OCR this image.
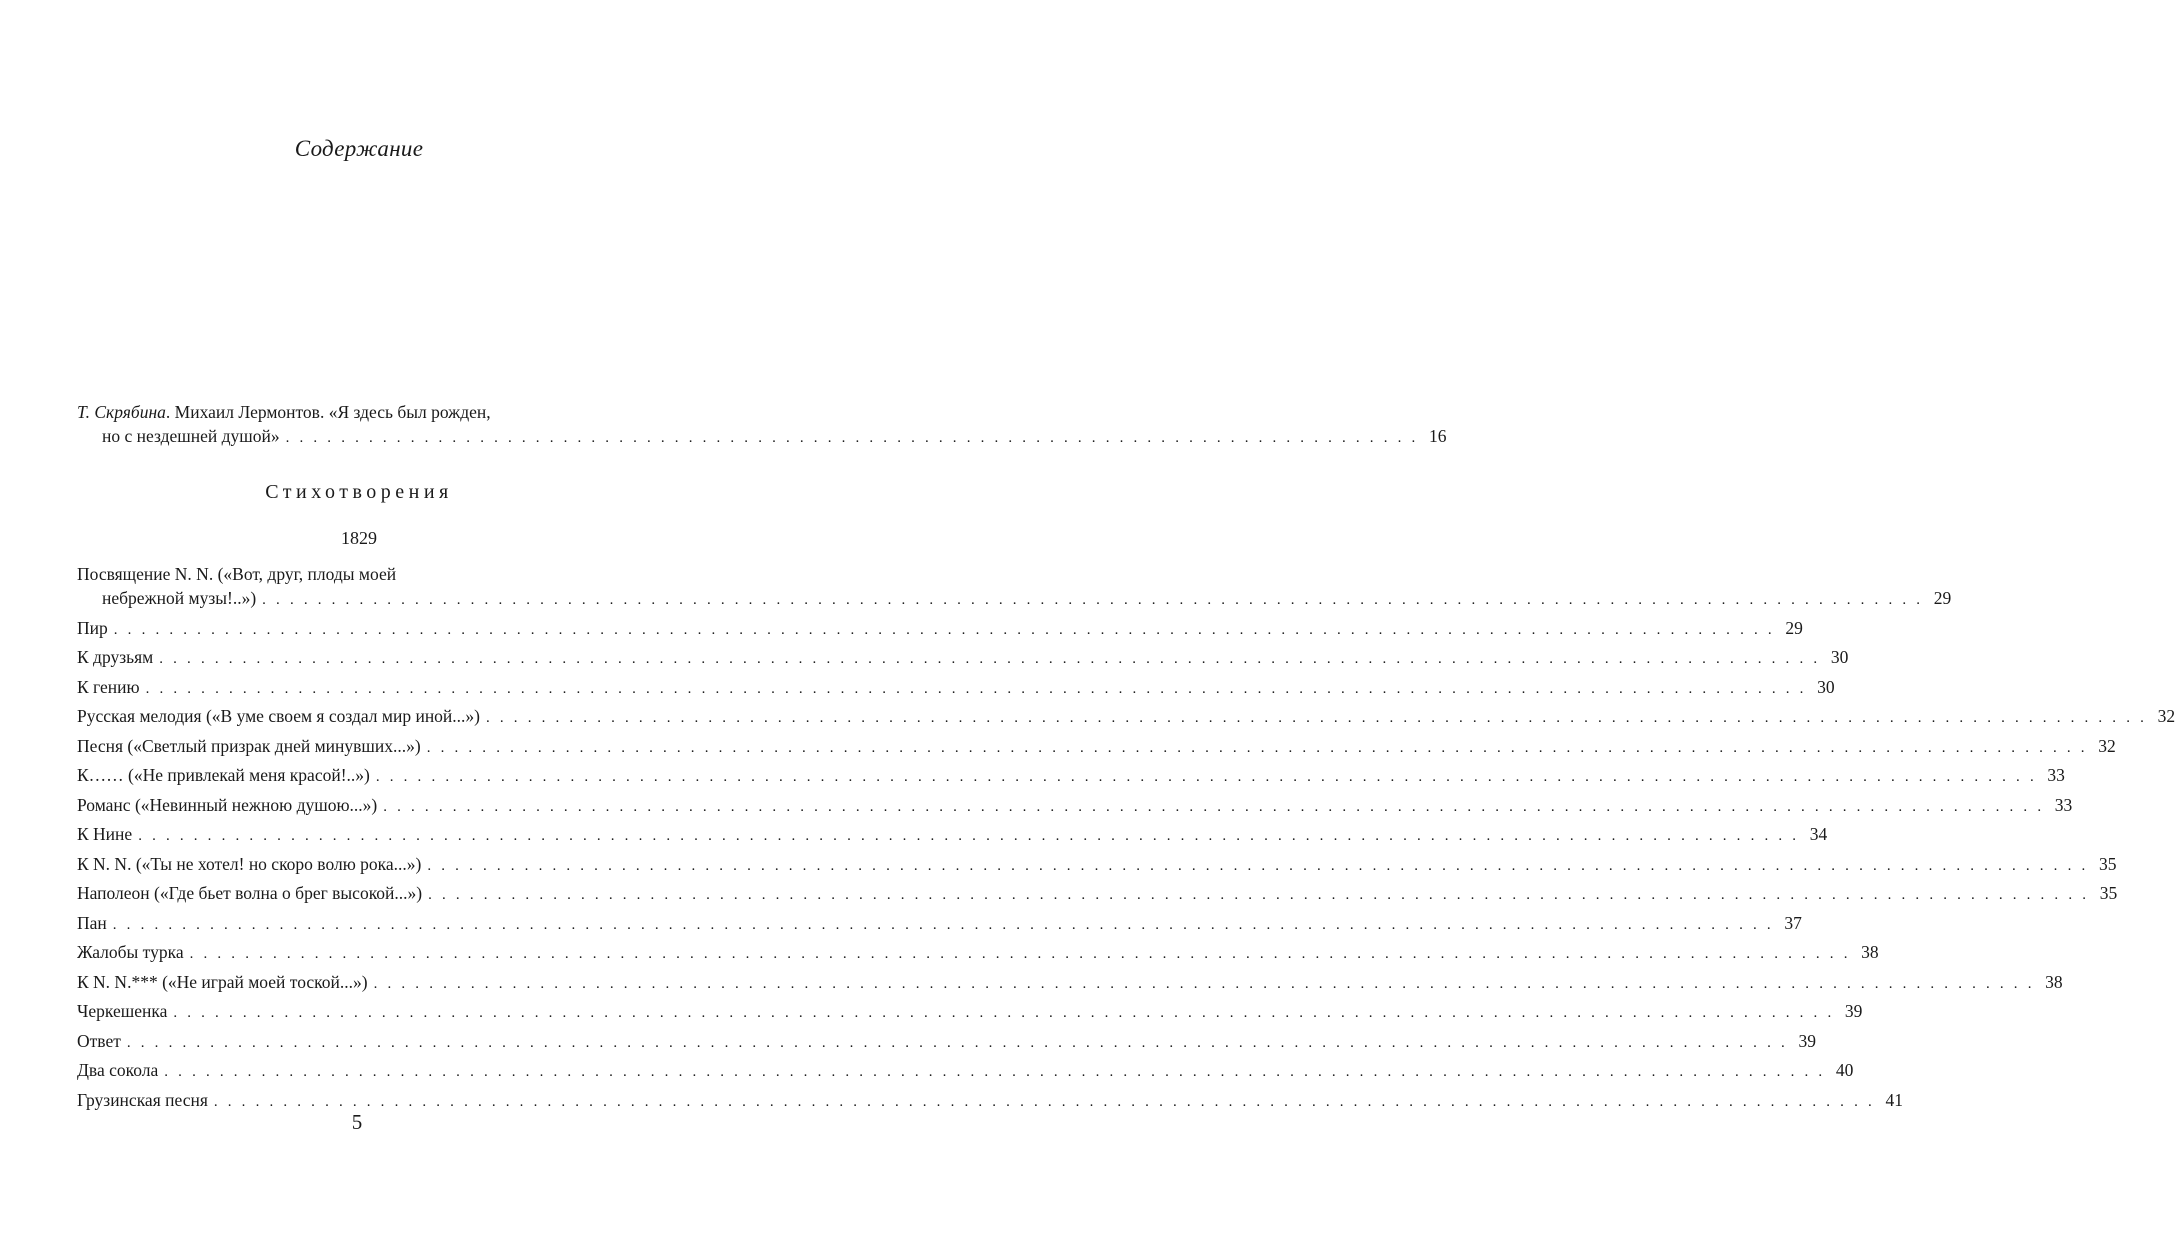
Содержание
Т. Скрябина. Михаил Лермонтов. «Я здесь был рожден,
но с нездешней душой» . . . . . . . . . . . . . . . . . . . . . . . . . . . . . . . . . . . . . . . . . . . . . . . . . . . . . . . . . . . . . . . . . . . . . . . . . . . . . . . . . . 16
Стихотворения
1829
Посвящение N. N. («Вот, друг, плоды моей
небрежной музы!..») . . . . . . . . . . . . . . . . . . . . . . . . . . . . . . . . . . . . . . . . . . . . . . . . . . . . . . . . . . . . . . . . . . . . . . . . . . . . . . . . . . . . . . . . . . . . . . . . . . . . . . . . . . . . . . . . . . . . . . . . 29
Пир . . . . . . . . . . . . . . . . . . . . . . . . . . . . . . . . . . . . . . . . . . . . . . . . . . . . . . . . . . . . . . . . . . . . . . . . . . . . . . . . . . . . . . . . . . . . . . . . . . . . . . . . . . . . . . . . . . . . . . . . 29
К друзьям . . . . . . . . . . . . . . . . . . . . . . . . . . . . . . . . . . . . . . . . . . . . . . . . . . . . . . . . . . . . . . . . . . . . . . . . . . . . . . . . . . . . . . . . . . . . . . . . . . . . . . . . . . . . . . . . . . . . . . . . 30
К гению . . . . . . . . . . . . . . . . . . . . . . . . . . . . . . . . . . . . . . . . . . . . . . . . . . . . . . . . . . . . . . . . . . . . . . . . . . . . . . . . . . . . . . . . . . . . . . . . . . . . . . . . . . . . . . . . . . . . . . . . 30
Русская мелодия («В уме своем я создал мир иной...») . . . . . . . . . . . . . . . . . . . . . . . . . . . . . . . . . . . . . . . . . . . . . . . . . . . . . . . . . . . . . . . . . . . . . . . . . . . . . . . . . . . . . . . . . . . . . . . . . . . . . . . . . . . . . . . . . . . . . . . . 32
Песня («Светлый призрак дней минувших...») . . . . . . . . . . . . . . . . . . . . . . . . . . . . . . . . . . . . . . . . . . . . . . . . . . . . . . . . . . . . . . . . . . . . . . . . . . . . . . . . . . . . . . . . . . . . . . . . . . . . . . . . . . . . . . . . . . . . . . . . 32
К…… («Не привлекай меня красой!..») . . . . . . . . . . . . . . . . . . . . . . . . . . . . . . . . . . . . . . . . . . . . . . . . . . . . . . . . . . . . . . . . . . . . . . . . . . . . . . . . . . . . . . . . . . . . . . . . . . . . . . . . . . . . . . . . . . . . . . . . 33
Романс («Невинный нежною душою...») . . . . . . . . . . . . . . . . . . . . . . . . . . . . . . . . . . . . . . . . . . . . . . . . . . . . . . . . . . . . . . . . . . . . . . . . . . . . . . . . . . . . . . . . . . . . . . . . . . . . . . . . . . . . . . . . . . . . . . . . 33
К Нине . . . . . . . . . . . . . . . . . . . . . . . . . . . . . . . . . . . . . . . . . . . . . . . . . . . . . . . . . . . . . . . . . . . . . . . . . . . . . . . . . . . . . . . . . . . . . . . . . . . . . . . . . . . . . . . . . . . . . . . . 34
К N. N. («Ты не хотел! но скоро волю рока...») . . . . . . . . . . . . . . . . . . . . . . . . . . . . . . . . . . . . . . . . . . . . . . . . . . . . . . . . . . . . . . . . . . . . . . . . . . . . . . . . . . . . . . . . . . . . . . . . . . . . . . . . . . . . . . . . . . . . . . . . 35
Наполеон («Где бьет волна о брег высокой...») . . . . . . . . . . . . . . . . . . . . . . . . . . . . . . . . . . . . . . . . . . . . . . . . . . . . . . . . . . . . . . . . . . . . . . . . . . . . . . . . . . . . . . . . . . . . . . . . . . . . . . . . . . . . . . . . . . . . . . . . 35
Пан . . . . . . . . . . . . . . . . . . . . . . . . . . . . . . . . . . . . . . . . . . . . . . . . . . . . . . . . . . . . . . . . . . . . . . . . . . . . . . . . . . . . . . . . . . . . . . . . . . . . . . . . . . . . . . . . . . . . . . . . 37
Жалобы турка . . . . . . . . . . . . . . . . . . . . . . . . . . . . . . . . . . . . . . . . . . . . . . . . . . . . . . . . . . . . . . . . . . . . . . . . . . . . . . . . . . . . . . . . . . . . . . . . . . . . . . . . . . . . . . . . . . . . . . . . 38
К N. N.*** («Не играй моей тоской...») . . . . . . . . . . . . . . . . . . . . . . . . . . . . . . . . . . . . . . . . . . . . . . . . . . . . . . . . . . . . . . . . . . . . . . . . . . . . . . . . . . . . . . . . . . . . . . . . . . . . . . . . . . . . . . . . . . . . . . . . 38
Черкешенка . . . . . . . . . . . . . . . . . . . . . . . . . . . . . . . . . . . . . . . . . . . . . . . . . . . . . . . . . . . . . . . . . . . . . . . . . . . . . . . . . . . . . . . . . . . . . . . . . . . . . . . . . . . . . . . . . . . . . . . . 39
Ответ . . . . . . . . . . . . . . . . . . . . . . . . . . . . . . . . . . . . . . . . . . . . . . . . . . . . . . . . . . . . . . . . . . . . . . . . . . . . . . . . . . . . . . . . . . . . . . . . . . . . . . . . . . . . . . . . . . . . . . . . 39
Два сокола . . . . . . . . . . . . . . . . . . . . . . . . . . . . . . . . . . . . . . . . . . . . . . . . . . . . . . . . . . . . . . . . . . . . . . . . . . . . . . . . . . . . . . . . . . . . . . . . . . . . . . . . . . . . . . . . . . . . . . . . 40
Грузинская песня . . . . . . . . . . . . . . . . . . . . . . . . . . . . . . . . . . . . . . . . . . . . . . . . . . . . . . . . . . . . . . . . . . . . . . . . . . . . . . . . . . . . . . . . . . . . . . . . . . . . . . . . . . . . . . . . . . . . . . . . 41
5
